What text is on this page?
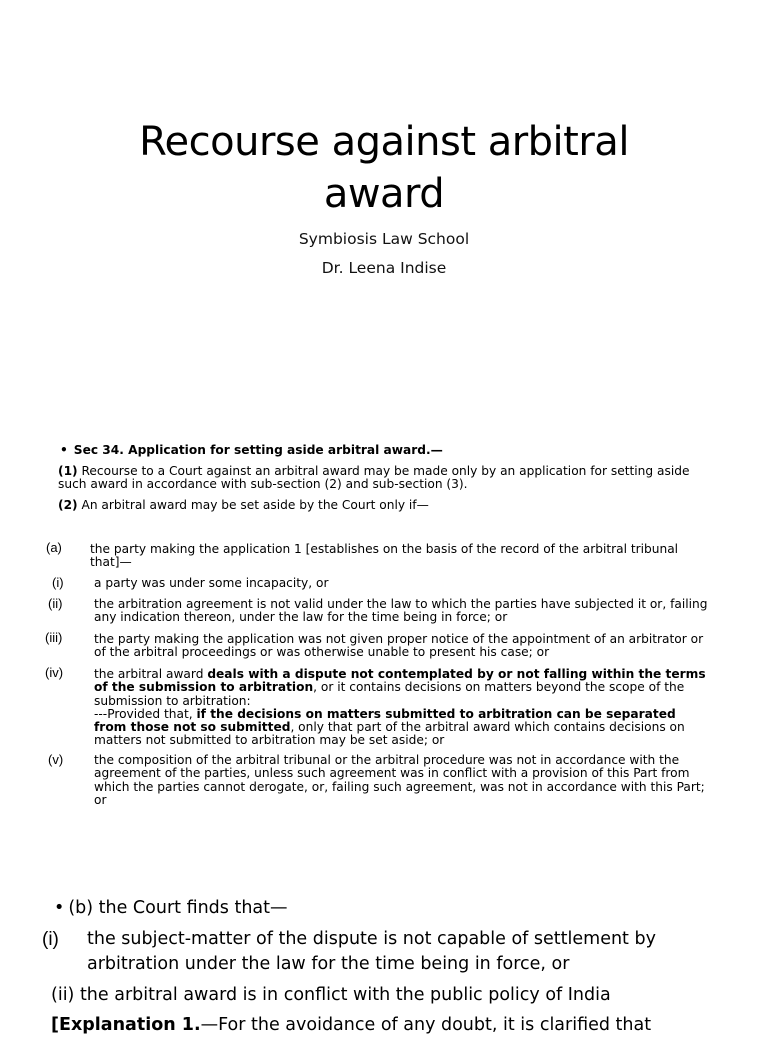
Recourse against arbitral
award
Symbiosis Law School
Dr. Leena Indise
• Sec 34. Application for setting aside arbitral award.—
(1) Recourse to a Court against an arbitral award may be made only by an application for setting aside such award in accordance with sub-section (2) and sub-section (3).
(2) An arbitral award may be set aside by the Court only if—
(a) the party making the application 1 [establishes on the basis of the record of the arbitral tribunal that]—
(i) a party was under some incapacity, or
(ii)	the arbitration agreement is not valid under the law to which the parties have subjected it or, failing any indication thereon, under the law for the time being in force; or
(iii)	the party making the application was not given proper notice of the appointment of an arbitrator or of the arbitral proceedings or was otherwise unable to present his case; or
(iv)	the arbitral award deals with a dispute not contemplated by or not falling within the terms of the submission to arbitration, or it contains decisions on matters beyond the scope of the submission to arbitration:
---Provided that, if the decisions on matters submitted to arbitration can be separated from those not so submitted, only that part of the arbitral award which contains decisions on matters not submitted to arbitration may be set aside; or
(v)	the composition of the arbitral tribunal or the arbitral procedure was not in accordance with the agreement of the parties, unless such agreement was in conflict with a provision of this Part from which the parties cannot derogate, or, failing such agreement, was not in accordance with this Part; or
• (b) the Court finds that—
(i) the subject-matter of the dispute is not capable of settlement by arbitration under the law for the time being in force, or
(ii) the arbitral award is in conflict with the public policy of India
[Explanation 1.—For the avoidance of any doubt, it is clarified that
